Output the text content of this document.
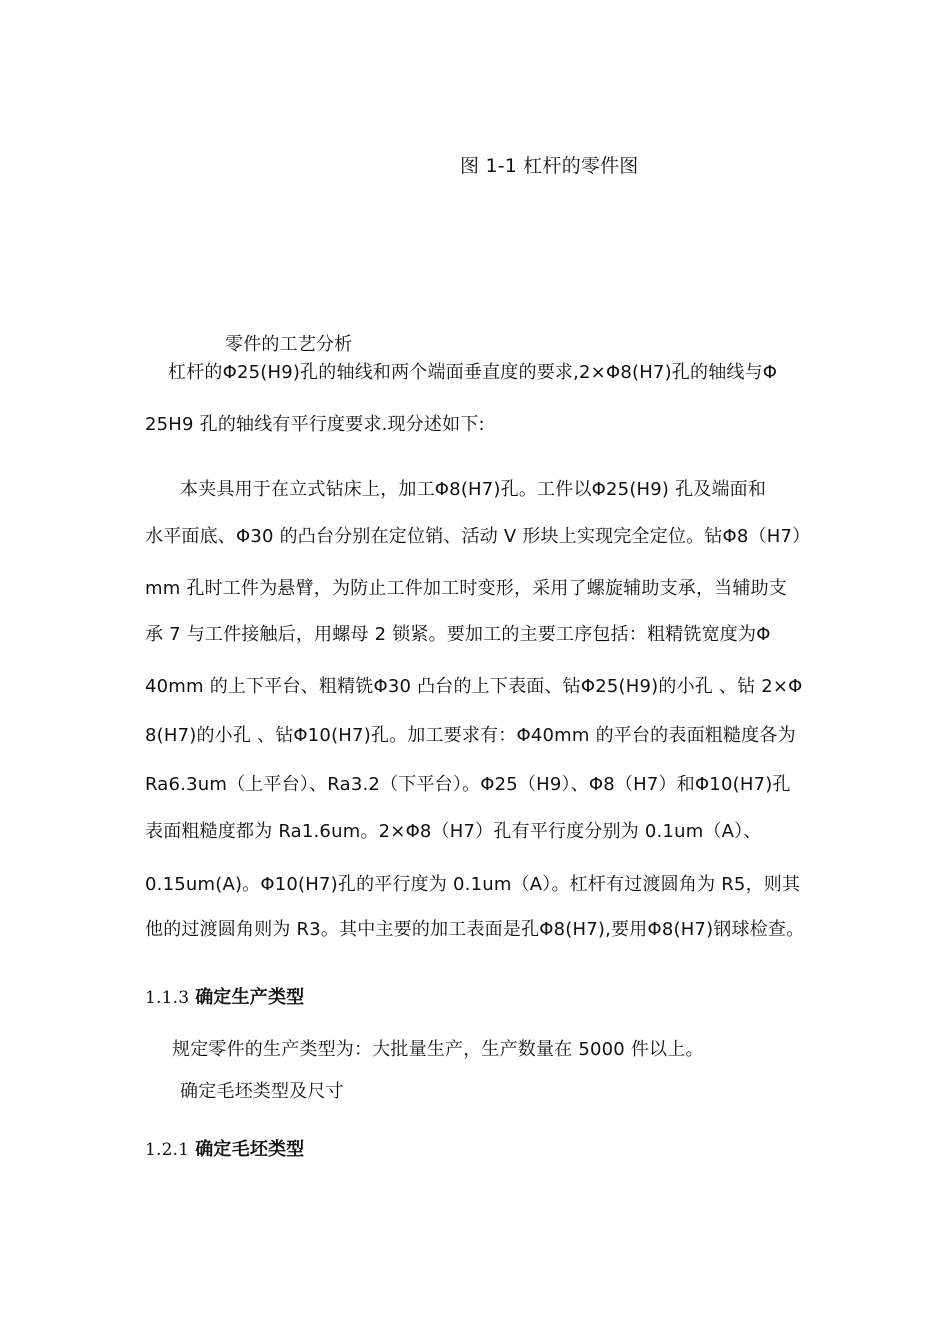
图 1-1 杠杆的零件图
零件的工艺分析
杠杆的Φ25(H9)孔的轴线和两个端面垂直度的要求,2×Φ8(H7)孔的轴线与Φ
25H9 孔的轴线有平行度要求.现分述如下:
本夹具用于在立式钻床上，加工Φ8(H7)孔。工件以Φ25(H9) 孔及端面和
水平面底、Φ30 的凸台分别在定位销、活动 V 形块上实现完全定位。钻Φ8（H7）
mm 孔时工件为悬臂，为防止工件加工时变形，采用了螺旋辅助支承，当辅助支
承 7 与工件接触后，用螺母 2 锁紧。要加工的主要工序包括：粗精铣宽度为Φ
40mm 的上下平台、粗精铣Φ30 凸台的上下表面、钻Φ25(H9)的小孔 、钻 2×Φ
8(H7)的小孔 、钻Φ10(H7)孔。加工要求有：Φ40mm 的平台的表面粗糙度各为
Ra6.3um（上平台）、Ra3.2（下平台）。Φ25（H9）、Φ8（H7）和Φ10(H7)孔
表面粗糙度都为 Ra1.6um。2×Φ8（H7）孔有平行度分别为 0.1um（A）、
0.15um(A)。Φ10(H7)孔的平行度为 0.1um（A）。杠杆有过渡圆角为 R5，则其
他的过渡圆角则为 R3。其中主要的加工表面是孔Φ8(H7),要用Φ8(H7)钢球检查。
1.1.3 确定生产类型
规定零件的生产类型为：大批量生产，生产数量在 5000 件以上。
确定毛坯类型及尺寸
1.2.1 确定毛坯类型
